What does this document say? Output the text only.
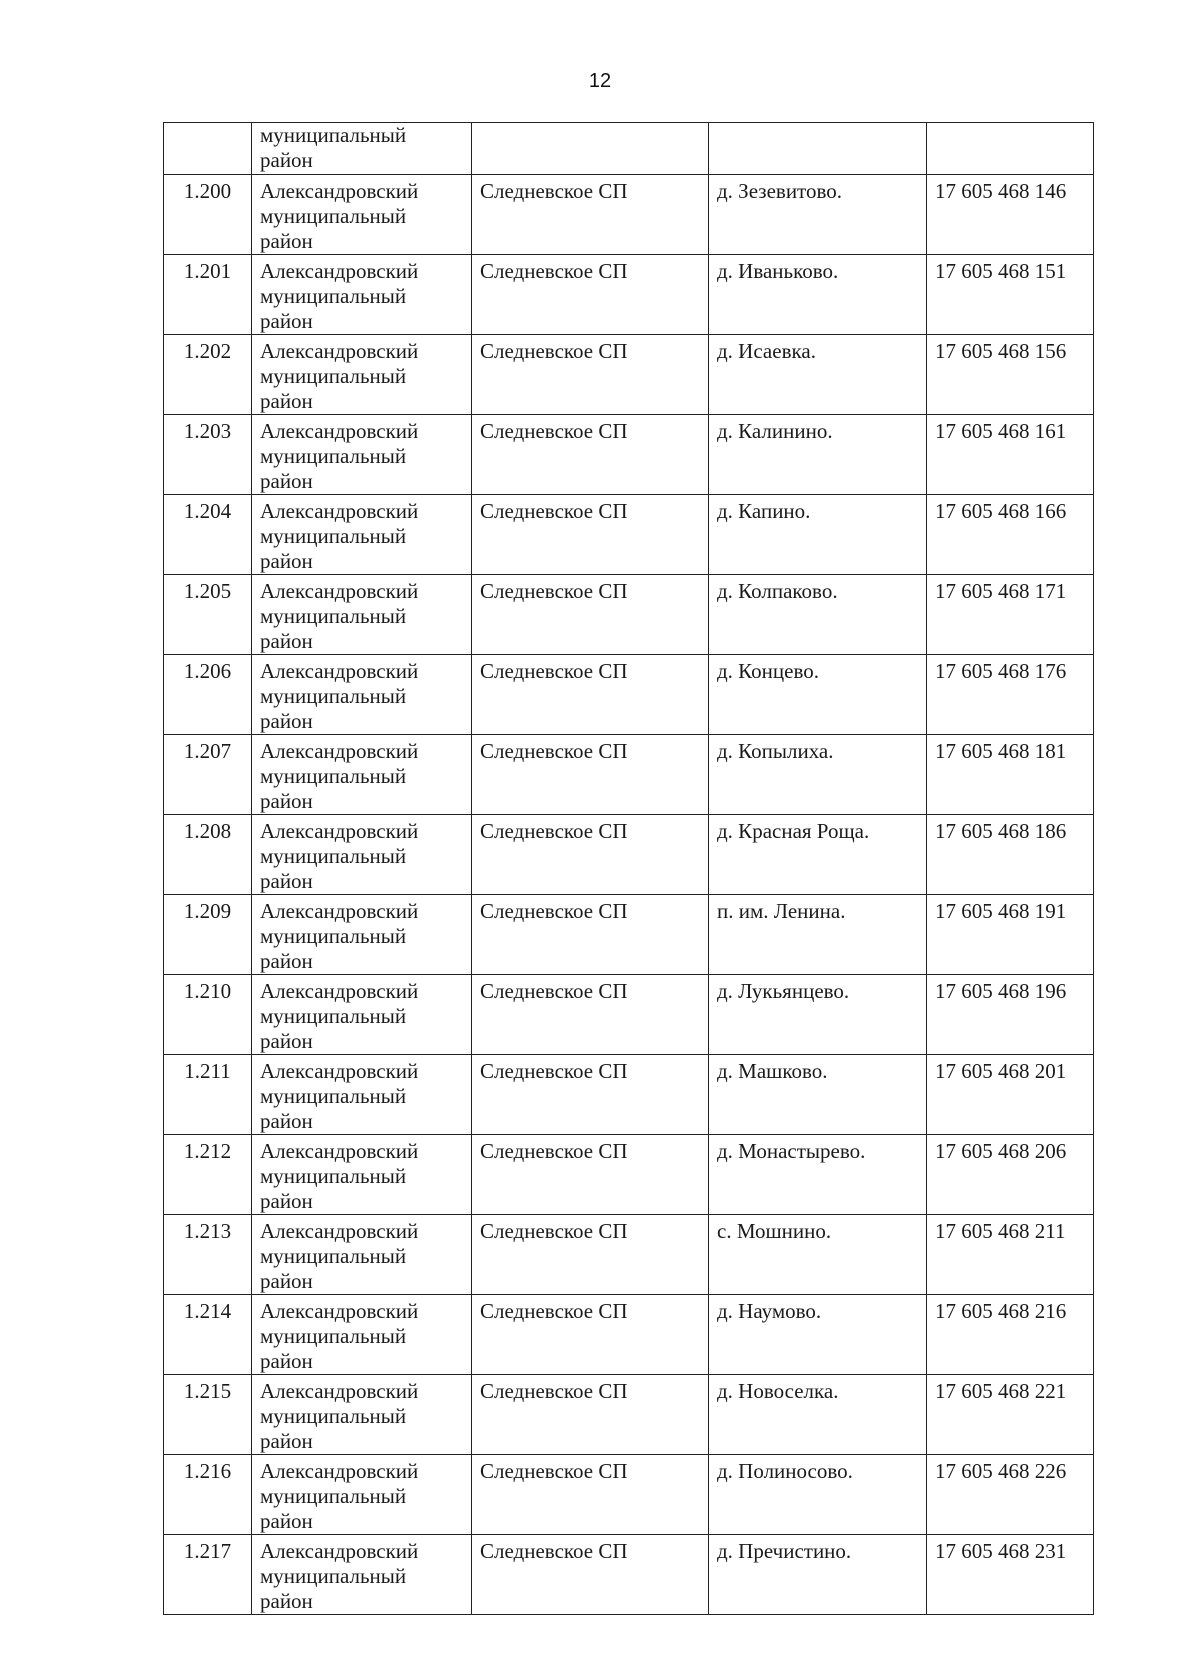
12
	муниципальный район			
1.200	Александровский муниципальный район	Следневское СП	д. Зезевитово.	17 605 468 146
1.201	Александровский муниципальный район	Следневское СП	д. Иваньково.	17 605 468 151
1.202	Александровский муниципальный район	Следневское СП	д. Исаевка.	17 605 468 156
1.203	Александровский муниципальный район	Следневское СП	д. Калинино.	17 605 468 161
1.204	Александровский муниципальный район	Следневское СП	д. Капино.	17 605 468 166
1.205	Александровский муниципальный район	Следневское СП	д. Колпаково.	17 605 468 171
1.206	Александровский муниципальный район	Следневское СП	д. Концево.	17 605 468 176
1.207	Александровский муниципальный район	Следневское СП	д. Копылиха.	17 605 468 181
1.208	Александровский муниципальный район	Следневское СП	д. Красная Роща.	17 605 468 186
1.209	Александровский муниципальный район	Следневское СП	п. им. Ленина.	17 605 468 191
1.210	Александровский муниципальный район	Следневское СП	д. Лукьянцево.	17 605 468 196
1.211	Александровский муниципальный район	Следневское СП	д. Машково.	17 605 468 201
1.212	Александровский муниципальный район	Следневское СП	д. Монастырево.	17 605 468 206
1.213	Александровский муниципальный район	Следневское СП	с. Мошнино.	17 605 468 211
1.214	Александровский муниципальный район	Следневское СП	д. Наумово.	17 605 468 216
1.215	Александровский муниципальный район	Следневское СП	д. Новоселка.	17 605 468 221
1.216	Александровский муниципальный район	Следневское СП	д. Полиносово.	17 605 468 226
1.217	Александровский муниципальный район	Следневское СП	д. Пречистино.	17 605 468 231
